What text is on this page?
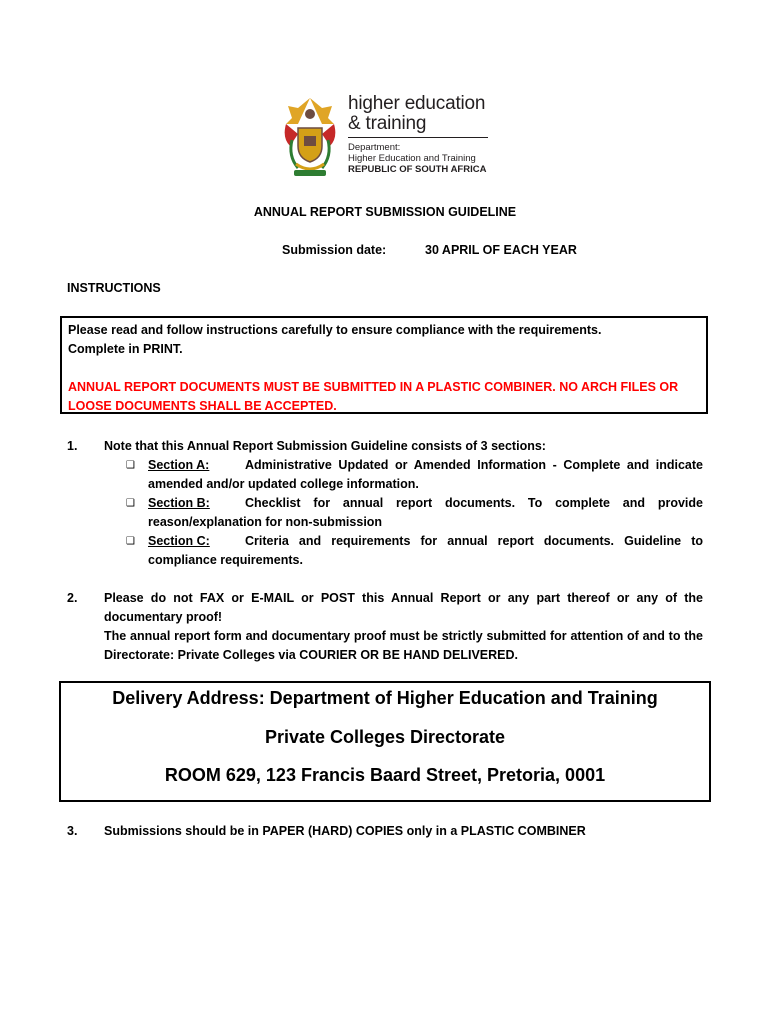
higher education
& training
Department:
Higher Education and Training
REPUBLIC OF SOUTH AFRICA
ANNUAL REPORT SUBMISSION GUIDELINE
Submission date:	30 APRIL OF EACH YEAR
INSTRUCTIONS

Please read and follow instructions carefully to ensure compliance with the requirements.

Complete in PRINT.

ANNUAL REPORT DOCUMENTS MUST BE SUBMITTED IN A PLASTIC COMBINER. NO ARCH FILES OR LOOSE DOCUMENTS SHALL BE ACCEPTED.

1. Note that this Annual Report Submission Guideline consists of 3 sections:

❑ Section A:	Administrative Updated or Amended Information - Complete and indicate amended and/or updated college information.
❑ Section B:	Checklist for annual report documents. To complete and provide reason/explanation for non-submission
❑ Section C:	Criteria and requirements for annual report documents. Guideline to compliance requirements.
2. Please do not FAX or E-MAIL or POST this Annual Report or any part thereof or any of the documentary proof!

The annual report form and documentary proof must be strictly submitted for attention of and to the Directorate: Private Colleges via COURIER OR BE HAND DELIVERED.

Delivery Address: Department of Higher Education and Training
Private Colleges Directorate
ROOM 629, 123 Francis Baard Street, Pretoria, 0001
3. Submissions should be in PAPER (HARD) COPIES only in a PLASTIC COMBINER
